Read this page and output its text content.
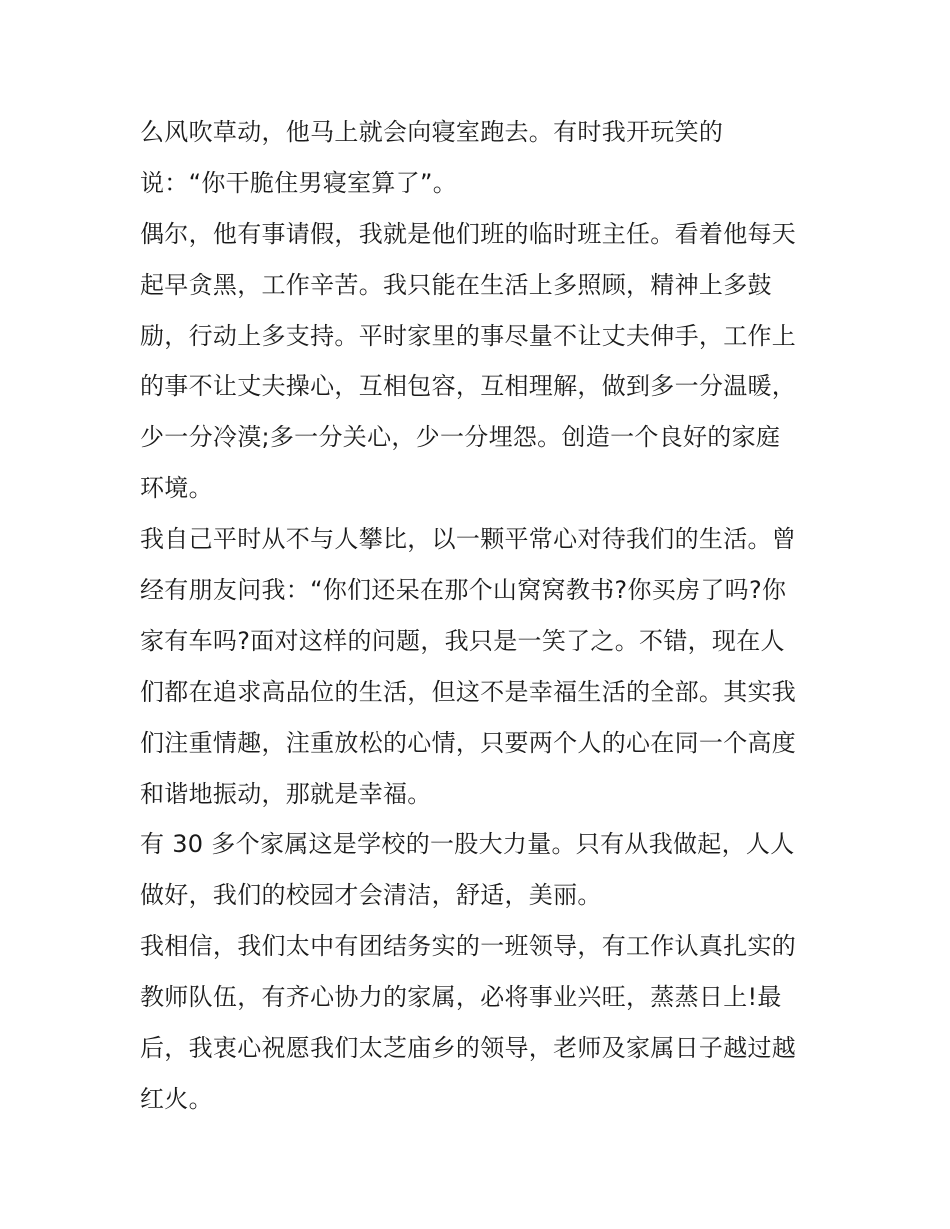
么风吹草动，他马上就会向寝室跑去。有时我开玩笑的
说：“你干脆住男寝室算了”。
偶尔，他有事请假，我就是他们班的临时班主任。看着他每天
起早贪黑，工作辛苦。我只能在生活上多照顾，精神上多鼓
励，行动上多支持。平时家里的事尽量不让丈夫伸手，工作上
的事不让丈夫操心，互相包容，互相理解，做到多一分温暖，
少一分冷漠;多一分关心，少一分埋怨。创造一个良好的家庭
环境。
我自己平时从不与人攀比，以一颗平常心对待我们的生活。曾
经有朋友问我：“你们还呆在那个山窝窝教书?你买房了吗?你
家有车吗?面对这样的问题，我只是一笑了之。不错，现在人
们都在追求高品位的生活，但这不是幸福生活的全部。其实我
们注重情趣，注重放松的心情，只要两个人的心在同一个高度
和谐地振动，那就是幸福。
有 30 多个家属这是学校的一股大力量。只有从我做起，人人
做好，我们的校园才会清洁，舒适，美丽。
我相信，我们太中有团结务实的一班领导，有工作认真扎实的
教师队伍，有齐心协力的家属，必将事业兴旺，蒸蒸日上!最
后，我衷心祝愿我们太芝庙乡的领导，老师及家属日子越过越
红火。
